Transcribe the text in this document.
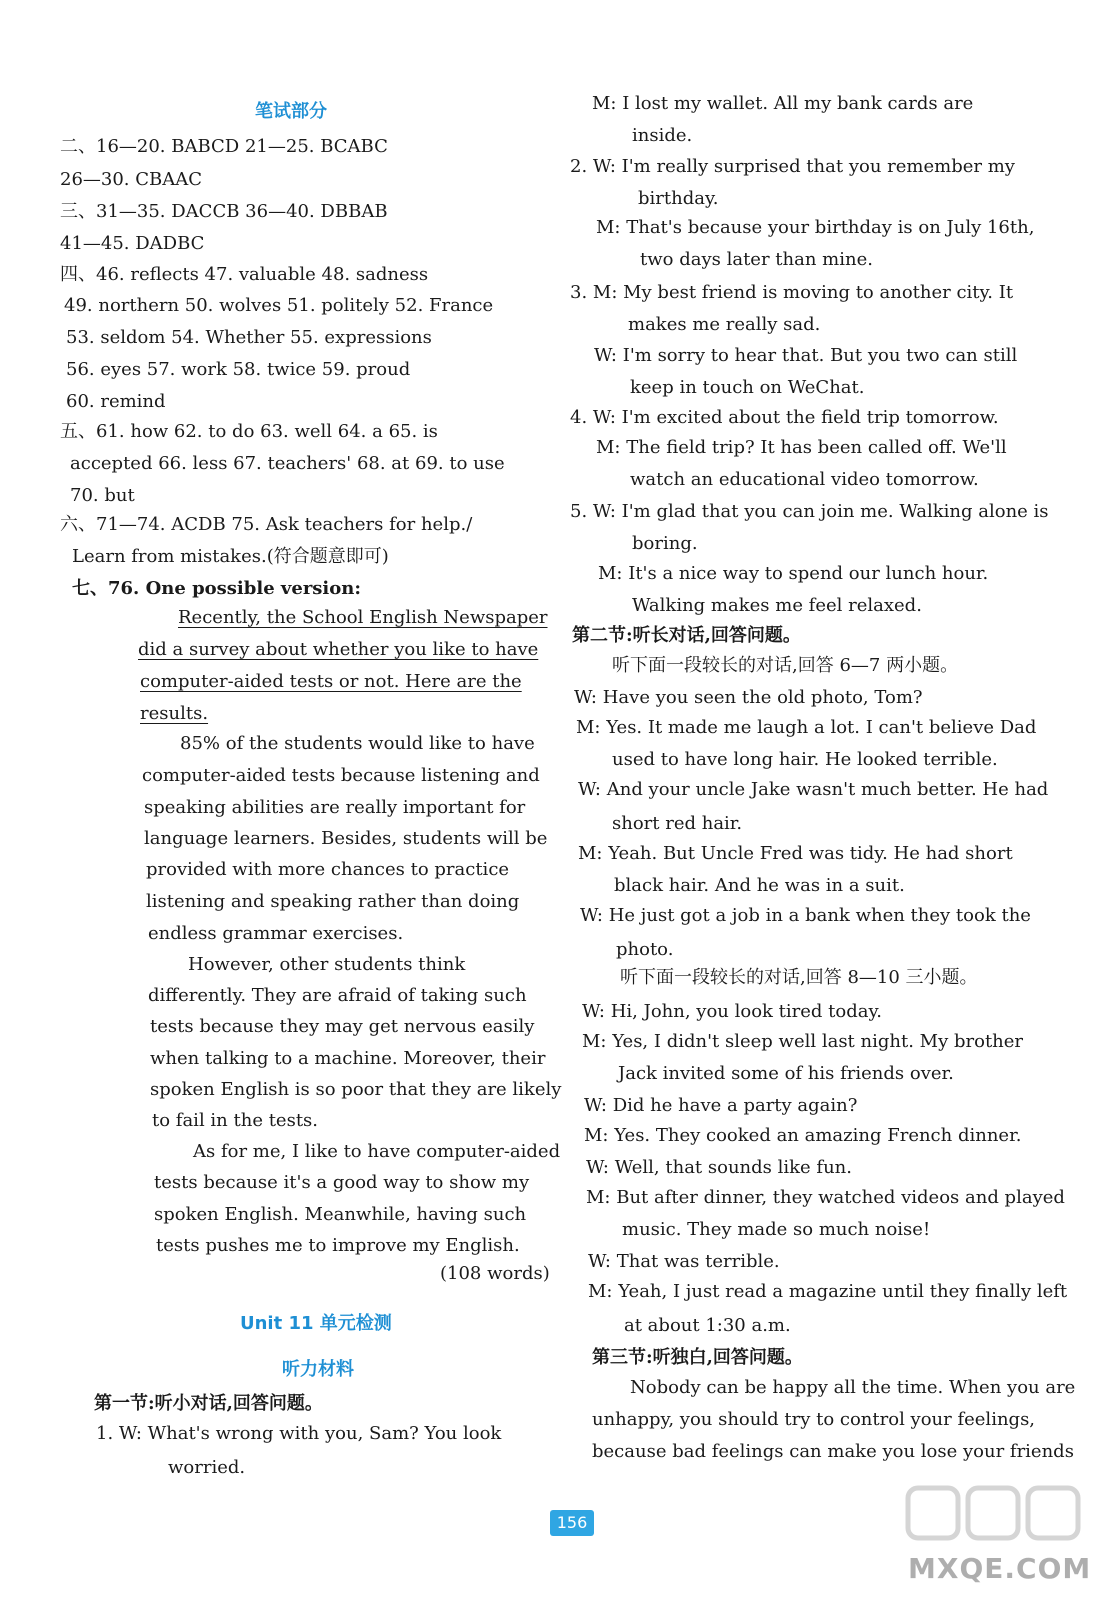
笔试部分
二、16—20. BABCD 21—25. BCABC
26—30. CBAAC
三、31—35. DACCB 36—40. DBBAB
41—45. DADBC
四、46. reflects 47. valuable 48. sadness
49. northern 50. wolves 51. politely 52. France
53. seldom 54. Whether 55. expressions
56. eyes 57. work 58. twice 59. proud
60. remind
五、61. how 62. to do 63. well 64. a 65. is
accepted 66. less 67. teachers' 68. at 69. to use
70. but
六、71—74. ACDB 75. Ask teachers for help./
Learn from mistakes.(符合题意即可)
七、76. One possible version:
Recently, the School English Newspaper
did a survey about whether you like to have
computer-aided tests or not. Here are the
results.
85% of the students would like to have
computer-aided tests because listening and
speaking abilities are really important for
language learners. Besides, students will be
provided with more chances to practice
listening and speaking rather than doing
endless grammar exercises.
However, other students think
differently. They are afraid of taking such
tests because they may get nervous easily
when talking to a machine. Moreover, their
spoken English is so poor that they are likely
to fail in the tests.
As for me, I like to have computer-aided
tests because it's a good way to show my
spoken English. Meanwhile, having such
tests pushes me to improve my English.
(108 words)
Unit 11 单元检测
听力材料
第一节:听小对话,回答问题。
1. W: What's wrong with you, Sam? You look
worried.
M: I lost my wallet. All my bank cards are
inside.
2. W: I'm really surprised that you remember my
birthday.
M: That's because your birthday is on July 16th,
two days later than mine.
3. M: My best friend is moving to another city. It
makes me really sad.
W: I'm sorry to hear that. But you two can still
keep in touch on WeChat.
4. W: I'm excited about the field trip tomorrow.
M: The field trip? It has been called off. We'll
watch an educational video tomorrow.
5. W: I'm glad that you can join me. Walking alone is
boring.
M: It's a nice way to spend our lunch hour.
Walking makes me feel relaxed.
第二节:听长对话,回答问题。
听下面一段较长的对话,回答 6—7 两小题。
W: Have you seen the old photo, Tom?
M: Yes. It made me laugh a lot. I can't believe Dad
used to have long hair. He looked terrible.
W: And your uncle Jake wasn't much better. He had
short red hair.
M: Yeah. But Uncle Fred was tidy. He had short
black hair. And he was in a suit.
W: He just got a job in a bank when they took the
photo.
听下面一段较长的对话,回答 8—10 三小题。
W: Hi, John, you look tired today.
M: Yes, I didn't sleep well last night. My brother
Jack invited some of his friends over.
W: Did he have a party again?
M: Yes. They cooked an amazing French dinner.
W: Well, that sounds like fun.
M: But after dinner, they watched videos and played
music. They made so much noise!
W: That was terrible.
M: Yeah, I just read a magazine until they finally left
at about 1:30 a.m.
第三节:听独白,回答问题。
Nobody can be happy all the time. When you are
unhappy, you should try to control your feelings,
because bad feelings can make you lose your friends
156
MXQE.COM
